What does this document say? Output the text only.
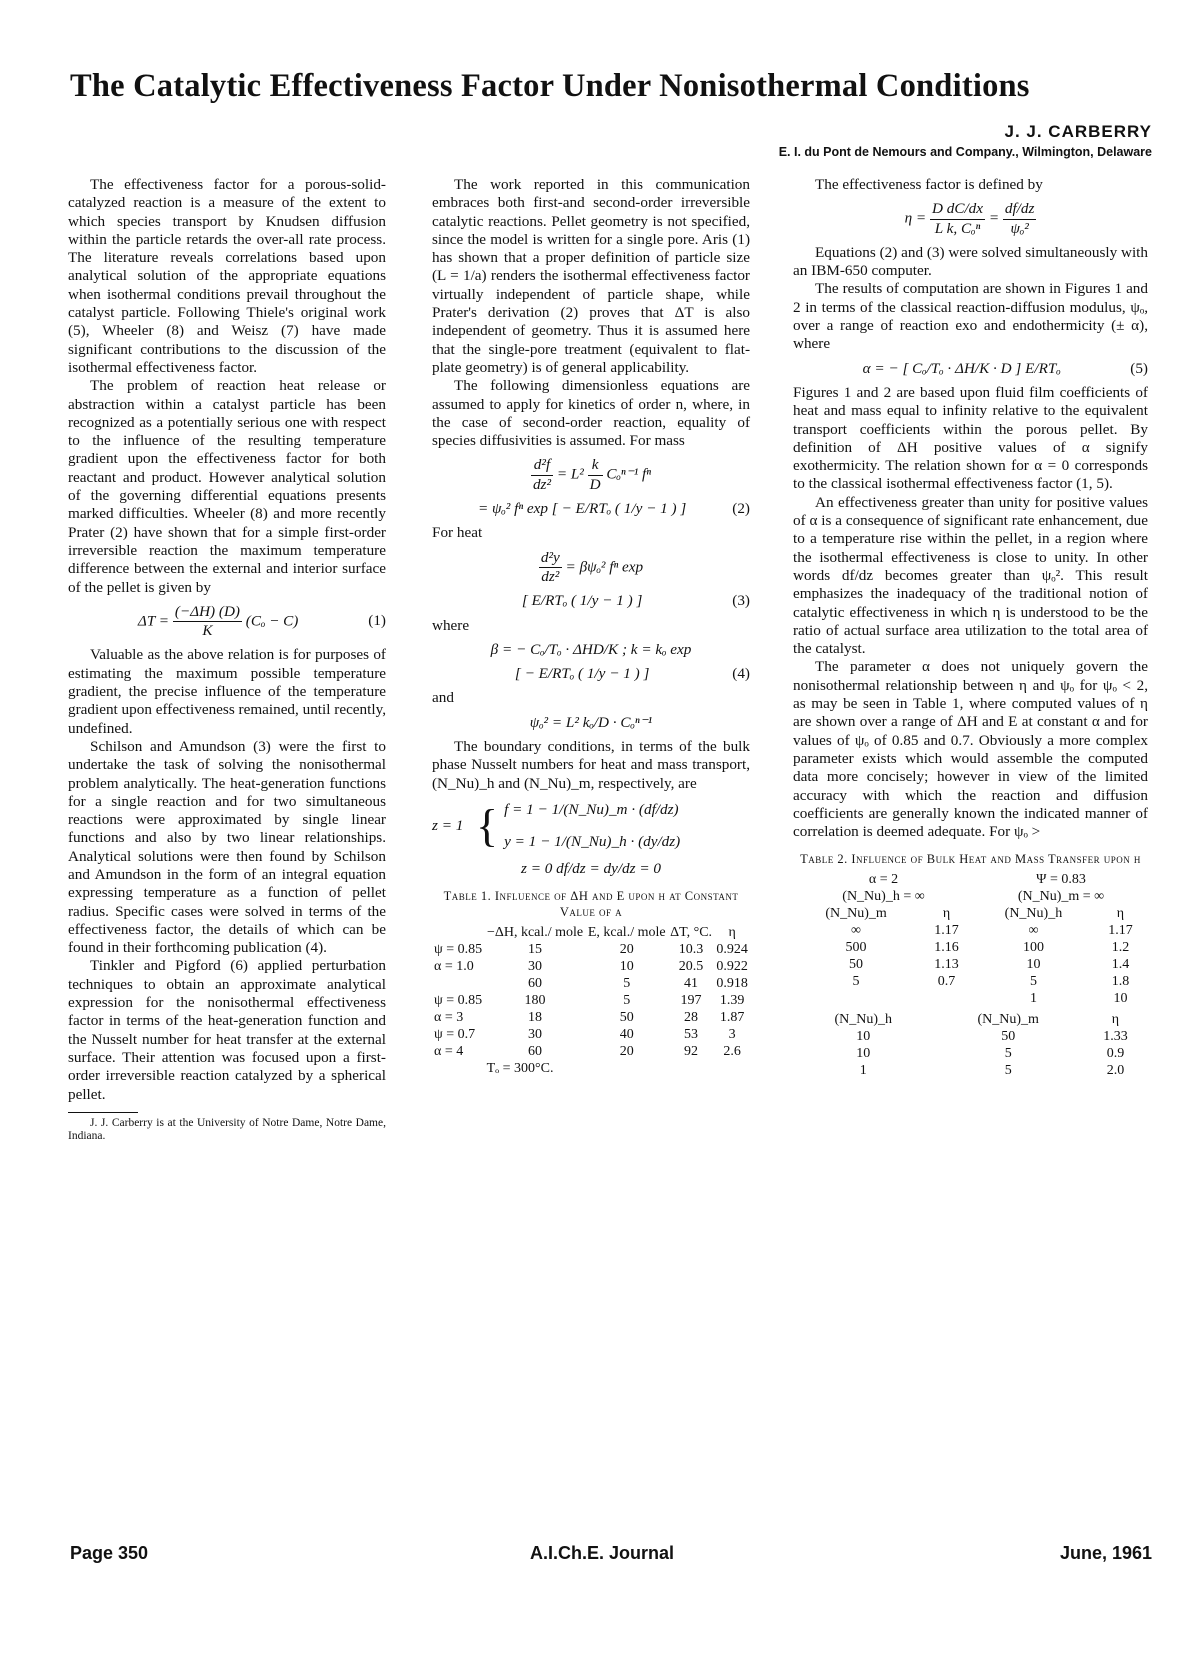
The Catalytic Effectiveness Factor Under Nonisothermal Conditions
J. J. CARBERRY
E. I. du Pont de Nemours and Company., Wilmington, Delaware

The effectiveness factor for a porous-solid-catalyzed reaction is a measure of the extent to which species transport by Knudsen diffusion within the particle retards the over-all rate process. The literature reveals correlations based upon analytical solution of the appropriate equations when isothermal conditions prevail throughout the catalyst particle. Following Thiele's original work (5), Wheeler (8) and Weisz (7) have made significant contributions to the discussion of the isothermal effectiveness factor.

The problem of reaction heat release or abstraction within a catalyst particle has been recognized as a potentially serious one with respect to the influence of the resulting temperature gradient upon the effectiveness factor for both reactant and product. However analytical solution of the governing differential equations presents marked difficulties. Wheeler (8) and more recently Prater (2) have shown that for a simple first-order irreversible reaction the maximum temperature difference between the external and interior surface of the pellet is given by

$\Delta T = \frac{(-\Delta H) (D)}{K} (C_o - C)$	(1)

Valuable as the above relation is for purposes of estimating the maximum possible temperature gradient, the precise influence of the temperature gradient upon effectiveness remained, until recently, undefined.

Schilson and Amundson (3) were the first to undertake the task of solving the nonisothermal problem analytically. The heat-generation functions for a single reaction and for two simultaneous reactions were approximated by single linear functions and also by two linear relationships. Analytical solutions were then found by Schilson and Amundson in the form of an integral equation expressing temperature as a function of pellet radius. Specific cases were solved in terms of the effectiveness factor, the details of which can be found in their forthcoming publication (4).

Tinkler and Pigford (6) applied perturbation techniques to obtain an approximate analytical expression for the nonisothermal effectiveness factor in terms of the heat-generation function and the Nusselt number for heat transfer at the external surface. Their attention was focused upon a first-order irreversible reaction catalyzed by a spherical pellet.

J. J. Carberry is at the University of Notre Dame, Notre Dame, Indiana.

The work reported in this communication embraces both first-and second-order irreversible catalytic reactions. Pellet geometry is not specified, since the model is written for a single pore. Aris (1) has shown that a proper definition of particle size (L = 1/a) renders the isothermal effectiveness factor virtually independent of particle shape, while Prater's derivation (2) proves that ΔT is also independent of geometry. Thus it is assumed here that the single-pore treatment (equivalent to flat-plate geometry) is of general applicability.

The following dimensionless equations are assumed to apply for kinetics of order n, where, in the case of second-order reaction, equality of species diffusivities is assumed. For mass

$\frac{\text{d²f}}{\text{dz²}} = L^2 \frac{k}{D} C_o^{n-1}$ fⁿ
= ψₒ² fⁿ exp [ − E/RTₒ ( 1/y − 1 ) ]	(2)

For heat

$\frac{\text{d²y}}{\text{dz²}} = \beta\psi_o^2$ fⁿ exp
[ E/RTₒ ( 1/y − 1 ) ]	(3)

where

β = − Cₒ/Tₒ · ΔHD/K ; k = kₒ exp
[ − E/RTₒ ( 1/y − 1 ) ]	(4)

and

ψₒ² = L² kₒ/D · Cₒⁿ⁻¹

The boundary conditions, in terms of the bulk phase Nusselt numbers for heat and mass transport, (N_Nu)_h and (N_Nu)_m, respectively, are

z = 1 { f = 1 − 1/(N_Nu)_m · (df/dz)
y = 1 − 1/(N_Nu)_h · (dy/dz)
z = 0 df/dz = dy/dz = 0
Table 1. Influence of ΔH and E upon η at Constant Value of α
	−ΔH, kcal./ mole	E, kcal./ mole	ΔT, °C.	η
ψ = 0.85	15	20	10.3	0.924
α = 1.0	30	10	20.5	0.922
	60	5	41	0.918
ψ = 0.85	180	5	197	1.39
α = 3	18	50	28	1.87
ψ = 0.7	30	40	53	3
α = 4	60	20	92	2.6
	Tₒ = 300°C.			

The effectiveness factor is defined by

$\eta = \frac{\text{D dC/dx}}{\text{L k, Cₒⁿ}} = \frac{df/dz}{\text{ψₒ²}}$

Equations (2) and (3) were solved simultaneously with an IBM-650 computer.

The results of computation are shown in Figures 1 and 2 in terms of the classical reaction-diffusion modulus, ψₒ, over a range of reaction exo and endothermicity (± α), where

α = − [ Cₒ/Tₒ · ΔH/K · D ] E/RTₒ	(5)

Figures 1 and 2 are based upon fluid film coefficients of heat and mass equal to infinity relative to the equivalent transport coefficients within the porous pellet. By definition of ΔH positive values of α signify exothermicity. The relation shown for α = 0 corresponds to the classical isothermal effectiveness factor (1, 5).

An effectiveness greater than unity for positive values of α is a consequence of significant rate enhancement, due to a temperature rise within the pellet, in a region where the isothermal effectiveness is close to unity. In other words df/dz becomes greater than ψₒ². This result emphasizes the inadequacy of the traditional notion of catalytic effectiveness in which η is understood to be the ratio of actual surface area utilization to the total area of the catalyst.

The parameter α does not uniquely govern the nonisothermal relationship between η and ψₒ for ψₒ < 2, as may be seen in Table 1, where computed values of η are shown over a range of ΔH and E at constant α and for values of ψₒ of 0.85 and 0.7. Obviously a more complex parameter exists which would assemble the computed data more concisely; however in view of the limited accuracy with which the reaction and diffusion coefficients are generally known the indicated manner of correlation is deemed adequate. For ψₒ >

Table 2. Influence of Bulk Heat and Mass Transfer upon η
α = 2		Ψ = 0.83	
(N_Nu)_h = ∞		(N_Nu)_m = ∞	
(N_Nu)_m	η	(N_Nu)_h	η
∞	1.17	∞	1.17
500	1.16	100	1.2
50	1.13	10	1.4
5	0.7	5	1.8
		1	10
(N_Nu)_h	(N_Nu)_m	η
10	50	1.33
10	5	0.9
1	5	2.0
Page 350	A.I.Ch.E. Journal	June, 1961
